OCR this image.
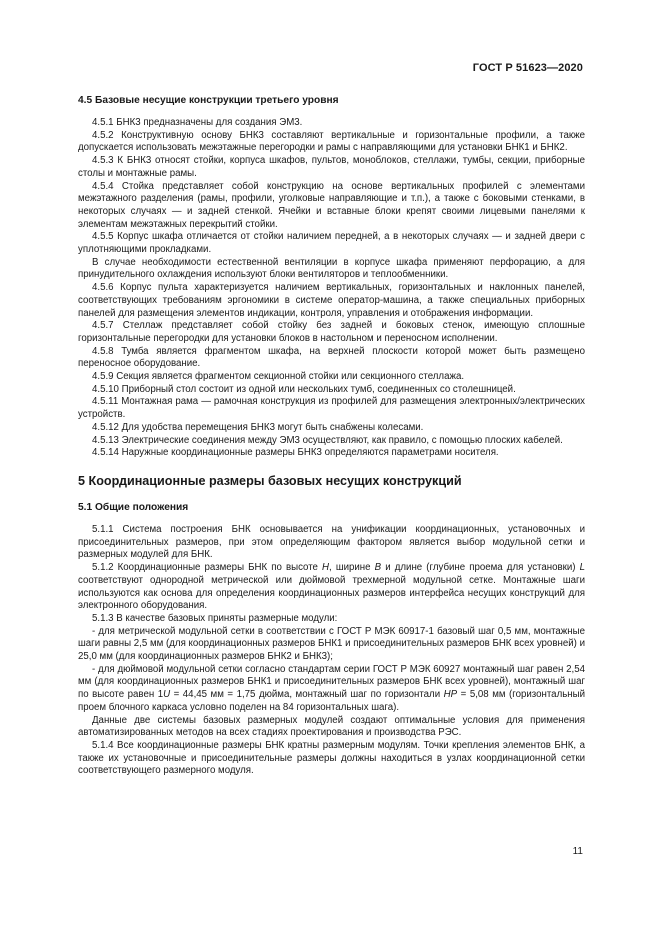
ГОСТ Р 51623—2020
4.5 Базовые несущие конструкции третьего уровня

4.5.1 БНК3 предназначены для создания ЭМ3.

4.5.2 Конструктивную основу БНК3 составляют вертикальные и горизонтальные профили, а также допускается использовать межэтажные перегородки и рамы с направляющими для установки БНК1 и БНК2.

4.5.3 К БНК3 относят стойки, корпуса шкафов, пультов, моноблоков, стеллажи, тумбы, секции, приборные столы и монтажные рамы.

4.5.4 Стойка представляет собой конструкцию на основе вертикальных профилей с элементами межэтажного разделения (рамы, профили, уголковые направляющие и т.п.), а также с боковыми стенками, в некоторых случаях — и задней стенкой. Ячейки и вставные блоки крепят своими лицевыми панелями к элементам межэтажных перекрытий стойки.

4.5.5 Корпус шкафа отличается от стойки наличием передней, а в некоторых случаях — и задней двери с уплотняющими прокладками.

В случае необходимости естественной вентиляции в корпусе шкафа применяют перфорацию, а для принудительного охлаждения используют блоки вентиляторов и теплообменники.

4.5.6 Корпус пульта характеризуется наличием вертикальных, горизонтальных и наклонных панелей, соответствующих требованиям эргономики в системе оператор-машина, а также специальных приборных панелей для размещения элементов индикации, контроля, управления и отображения информации.

4.5.7 Стеллаж представляет собой стойку без задней и боковых стенок, имеющую сплошные горизонтальные перегородки для установки блоков в настольном и переносном исполнении.

4.5.8 Тумба является фрагментом шкафа, на верхней плоскости которой может быть размещено переносное оборудование.

4.5.9 Секция является фрагментом секционной стойки или секционного стеллажа.

4.5.10 Приборный стол состоит из одной или нескольких тумб, соединенных со столешницей.

4.5.11 Монтажная рама — рамочная конструкция из профилей для размещения электронных/электрических устройств.

4.5.12 Для удобства перемещения БНК3 могут быть снабжены колесами.

4.5.13 Электрические соединения между ЭМ3 осуществляют, как правило, с помощью плоских кабелей.

4.5.14 Наружные координационные размеры БНК3 определяются параметрами носителя.

5 Координационные размеры базовых несущих конструкций
5.1 Общие положения

5.1.1 Система построения БНК основывается на унификации координационных, установочных и присоединительных размеров, при этом определяющим фактором является выбор модульной сетки и размерных модулей для БНК.

5.1.2 Координационные размеры БНК по высоте H, ширине B и длине (глубине проема для установки) L соответствуют однородной метрической или дюймовой трехмерной модульной сетке. Монтажные шаги используются как основа для определения координационных размеров интерфейса несущих конструкций для электронного оборудования.

5.1.3 В качестве базовых приняты размерные модули:

- для метрической модульной сетки в соответствии с ГОСТ Р МЭК 60917-1 базовый шаг 0,5 мм, монтажные шаги равны 2,5 мм (для координационных размеров БНК1 и присоединительных размеров БНК всех уровней) и 25,0 мм (для координационных размеров БНК2 и БНК3);

- для дюймовой модульной сетки согласно стандартам серии ГОСТ Р МЭК 60927 монтажный шаг равен 2,54 мм (для координационных размеров БНК1 и присоединительных размеров БНК всех уровней), монтажный шаг по высоте равен 1U = 44,45 мм = 1,75 дюйма, монтажный шаг по горизонтали HP = 5,08 мм (горизонтальный проем блочного каркаса условно поделен на 84 горизонтальных шага).

Данные две системы базовых размерных модулей создают оптимальные условия для применения автоматизированных методов на всех стадиях проектирования и производства РЭС.

5.1.4 Все координационные размеры БНК кратны размерным модулям. Точки крепления элементов БНК, а также их установочные и присоединительные размеры должны находиться в узлах координационной сетки соответствующего размерного модуля.

11
